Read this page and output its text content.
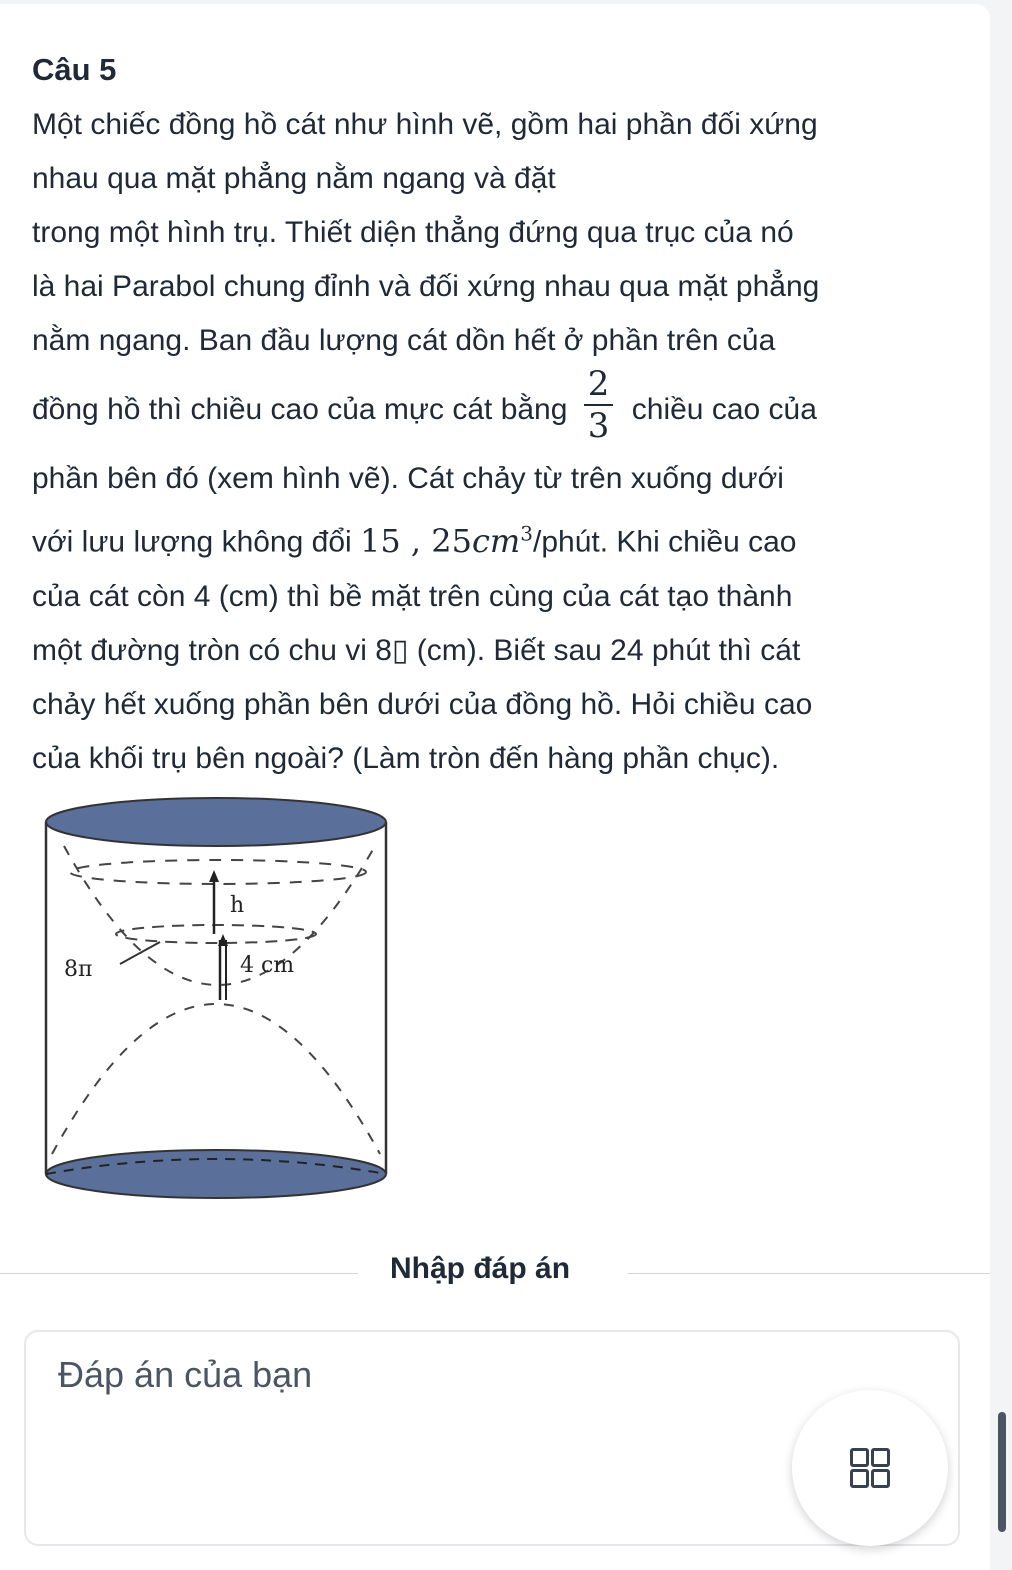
Câu 5
Một chiếc đồng hồ cát như hình vẽ, gồm hai phần đối xứng
nhau qua mặt phẳng nằm ngang và đặt
trong một hình trụ. Thiết diện thẳng đứng qua trục của nó
là hai Parabol chung đỉnh và đối xứng nhau qua mặt phẳng
nằm ngang. Ban đầu lượng cát dồn hết ở phần trên của
đồng hồ thì chiều cao của mực cát bằng $\frac{2}{3}$ chiều cao của
phần bên đó (xem hình vẽ). Cát chảy từ trên xuống dưới
với lưu lượng không đổi 15 , $25cm^3$/phút. Khi chiều cao
của cát còn 4 (cm) thì bề mặt trên cùng của cát tạo thành
một đường tròn có chu vi 8▯ (cm). Biết sau 24 phút thì cát
chảy hết xuống phần bên dưới của đồng hồ. Hỏi chiều cao
của khối trụ bên ngoài? (Làm tròn đến hàng phần chục).
h
4 cm
8π
Nhập đáp án
Đáp án của bạn
